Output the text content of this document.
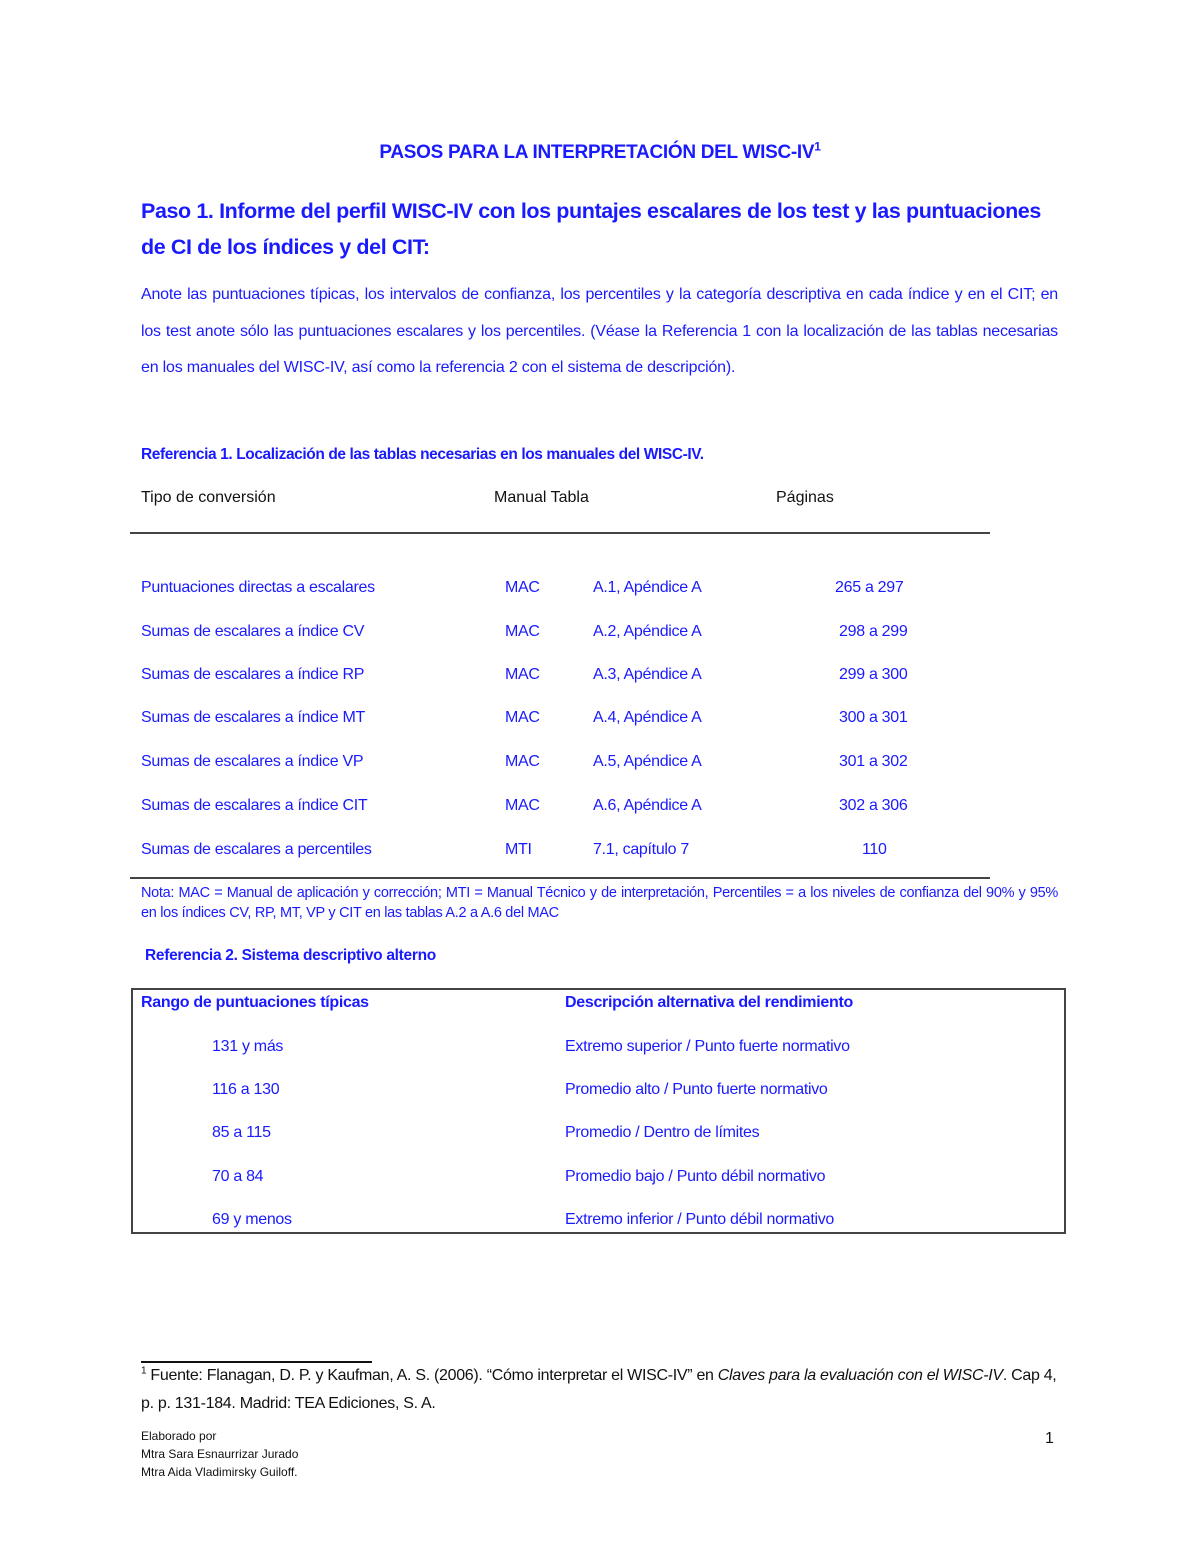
PASOS PARA LA INTERPRETACIÓN DEL WISC-$IV^1$
Paso 1. Informe del perfil WISC-IV con los puntajes escalares de los test y las puntuaciones de CI de los índices y del CIT:
Anote las puntuaciones típicas, los intervalos de confianza, los percentiles y la categoría descriptiva en cada índice y en el CIT; en los test anote sólo las puntuaciones escalares y los percentiles. (Véase la Referencia 1 con la localización de las tablas necesarias en los manuales del WISC-IV, así como la referencia 2 con el sistema de descripción).
Referencia 1. Localización de las tablas necesarias en los manuales del WISC-IV.
Tipo de conversión	Manual Tabla	Páginas
Puntuaciones directas a escalares	MAC	A.1, Apéndice A	265 a 297
Sumas de escalares a índice CV	MAC	A.2, Apéndice A	298 a 299
Sumas de escalares a índice RP	MAC	A.3, Apéndice A	299 a 300
Sumas de escalares a índice MT	MAC	A.4, Apéndice A	300 a 301
Sumas de escalares a índice VP	MAC	A.5, Apéndice A	301 a 302
Sumas de escalares a índice CIT	MAC	A.6, Apéndice A	302 a 306
Sumas de escalares a percentiles	MTI	7.1, capítulo 7	110
Nota: MAC = Manual de aplicación y corrección; MTI = Manual Técnico y de interpretación, Percentiles = a los niveles de confianza del 90% y 95% en los índices CV, RP, MT, VP y CIT en las tablas A.2 a A.6 del MAC
Referencia 2. Sistema descriptivo alterno
Rango de puntuaciones típicas	Descripción alternativa del rendimiento
131 y más	Extremo superior / Punto fuerte normativo
116 a 130	Promedio alto / Punto fuerte normativo
85 a 115	Promedio / Dentro de límites
70 a 84	Promedio bajo / Punto débil normativo
69 y menos	Extremo inferior / Punto débil normativo
$^1$ Fuente: Flanagan, D. P. y Kaufman, A. S. (2006). “Cómo interpretar el WISC-IV” en Claves para la evaluación con el WISC-IV. Cap 4, p. p. 131-184. Madrid: TEA Ediciones, S. A.
Elaborado por
Mtra Sara Esnaurrizar Jurado
Mtra Aida Vladimirsky Guiloff.
1
